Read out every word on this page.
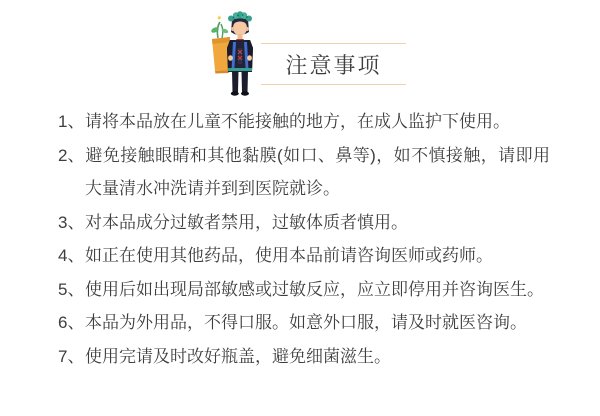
注意事项
1、请将本品放在儿童不能接触的地方，在成人监护下使用。
2、避免接触眼睛和其他黏膜(如口、鼻等)，如不慎接触，请即用大量清水冲洗请并到到医院就诊。
3、对本品成分过敏者禁用，过敏体质者慎用。
4、如正在使用其他药品，使用本品前请咨询医师或药师。
5、使用后如出现局部敏感或过敏反应，应立即停用并咨询医生。
6、本品为外用品，不得口服。如意外口服，请及时就医咨询。
7、使用完请及时改好瓶盖，避免细菌滋生。
